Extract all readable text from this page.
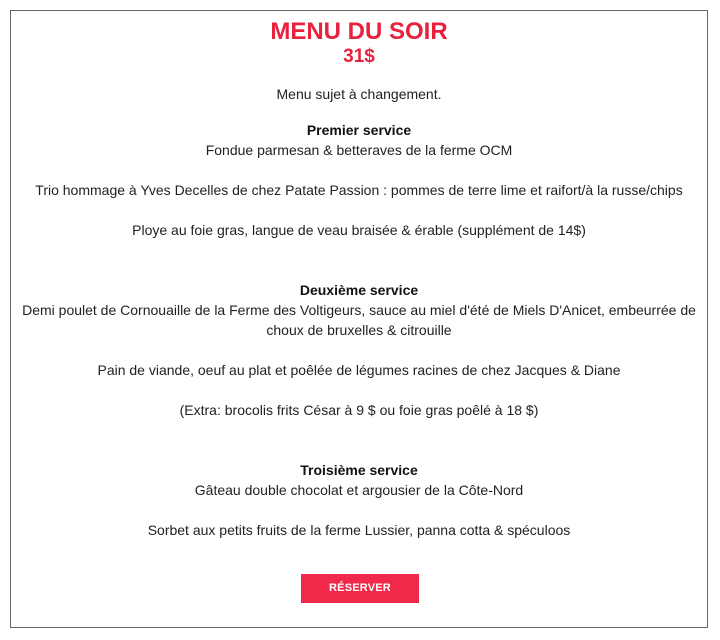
MENU DU SOIR

31$

Menu sujet à changement.

Premier service

Fondue parmesan & betteraves de la ferme OCM

Trio hommage à Yves Decelles de chez Patate Passion : pommes de terre lime et raifort/à la russe/chips

Ploye au foie gras, langue de veau braisée & érable (supplément de 14$)

Deuxième service

Demi poulet de Cornouaille de la Ferme des Voltigeurs, sauce au miel d'été de Miels D'Anicet, embeurrée de

choux de bruxelles & citrouille

Pain de viande, oeuf au plat et poêlée de légumes racines de chez Jacques & Diane

(Extra: brocolis frits César à 9 $ ou foie gras poêlé à 18 $)

Troisième service

Gâteau double chocolat et argousier de la Côte-Nord

Sorbet aux petits fruits de la ferme Lussier, panna cotta & spéculoos

RÉSERVER
